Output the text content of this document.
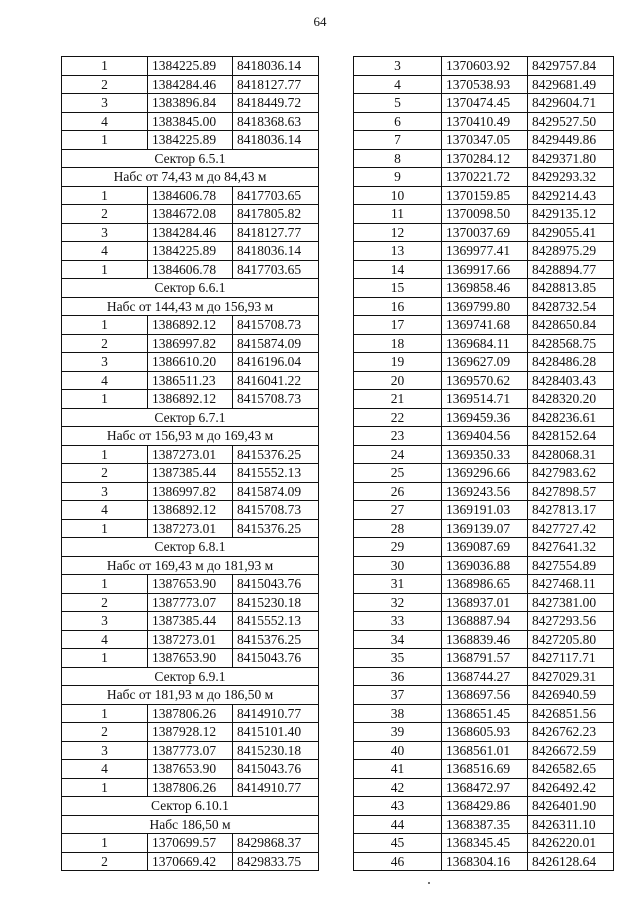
64
1	1384225.89	8418036.14
2	1384284.46	8418127.77
3	1383896.84	8418449.72
4	1383845.00	8418368.63
1	1384225.89	8418036.14
Сектор 6.5.1		
Набс от 74,43 м до 84,43 м		
1	1384606.78	8417703.65
2	1384672.08	8417805.82
3	1384284.46	8418127.77
4	1384225.89	8418036.14
1	1384606.78	8417703.65
Сектор 6.6.1		
Набс от 144,43 м до 156,93 м		
1	1386892.12	8415708.73
2	1386997.82	8415874.09
3	1386610.20	8416196.04
4	1386511.23	8416041.22
1	1386892.12	8415708.73
Сектор 6.7.1		
Набс от 156,93 м до 169,43 м		
1	1387273.01	8415376.25
2	1387385.44	8415552.13
3	1386997.82	8415874.09
4	1386892.12	8415708.73
1	1387273.01	8415376.25
Сектор 6.8.1		
Набс от 169,43 м до 181,93 м		
1	1387653.90	8415043.76
2	1387773.07	8415230.18
3	1387385.44	8415552.13
4	1387273.01	8415376.25
1	1387653.90	8415043.76
Сектор 6.9.1		
Набс от 181,93 м до 186,50 м		
1	1387806.26	8414910.77
2	1387928.12	8415101.40
3	1387773.07	8415230.18
4	1387653.90	8415043.76
1	1387806.26	8414910.77
Сектор 6.10.1		
Набс 186,50 м		
1	1370699.57	8429868.37
2	1370669.42	8429833.75
3	1370603.92	8429757.84
4	1370538.93	8429681.49
5	1370474.45	8429604.71
6	1370410.49	8429527.50
7	1370347.05	8429449.86
8	1370284.12	8429371.80
9	1370221.72	8429293.32
10	1370159.85	8429214.43
11	1370098.50	8429135.12
12	1370037.69	8429055.41
13	1369977.41	8428975.29
14	1369917.66	8428894.77
15	1369858.46	8428813.85
16	1369799.80	8428732.54
17	1369741.68	8428650.84
18	1369684.11	8428568.75
19	1369627.09	8428486.28
20	1369570.62	8428403.43
21	1369514.71	8428320.20
22	1369459.36	8428236.61
23	1369404.56	8428152.64
24	1369350.33	8428068.31
25	1369296.66	8427983.62
26	1369243.56	8427898.57
27	1369191.03	8427813.17
28	1369139.07	8427727.42
29	1369087.69	8427641.32
30	1369036.88	8427554.89
31	1368986.65	8427468.11
32	1368937.01	8427381.00
33	1368887.94	8427293.56
34	1368839.46	8427205.80
35	1368791.57	8427117.71
36	1368744.27	8427029.31
37	1368697.56	8426940.59
38	1368651.45	8426851.56
39	1368605.93	8426762.23
40	1368561.01	8426672.59
41	1368516.69	8426582.65
42	1368472.97	8426492.42
43	1368429.86	8426401.90
44	1368387.35	8426311.10
45	1368345.45	8426220.01
46	1368304.16	8426128.64
